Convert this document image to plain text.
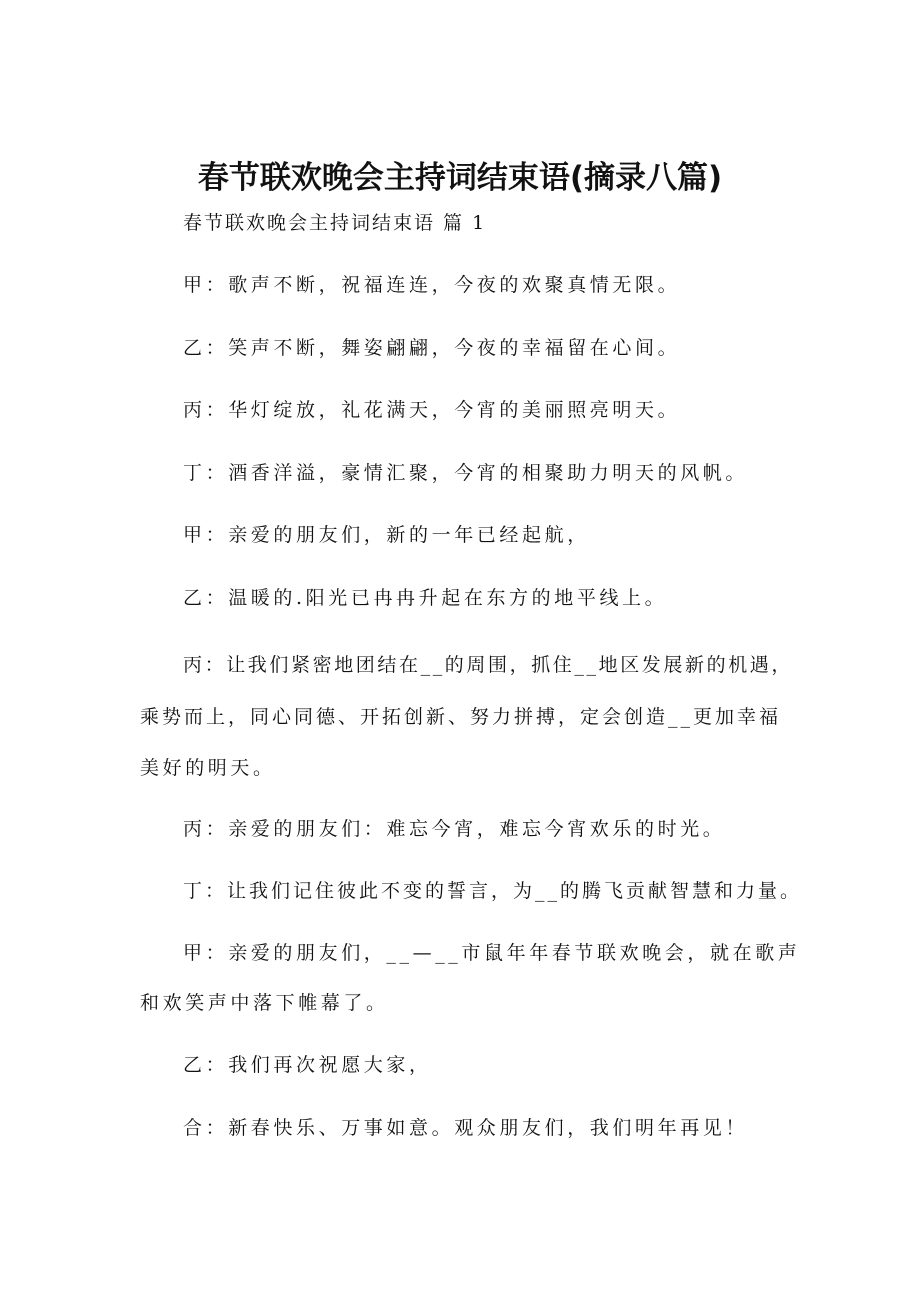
春节联欢晚会主持词结束语(摘录八篇)
春节联欢晚会主持词结束语 篇 1
甲：歌声不断，祝福连连，今夜的欢聚真情无限。
乙：笑声不断，舞姿翩翩，今夜的幸福留在心间。
丙：华灯绽放，礼花满天，今宵的美丽照亮明天。
丁：酒香洋溢，豪情汇聚，今宵的相聚助力明天的风帆。
甲：亲爱的朋友们，新的一年已经起航，
乙：温暖的.阳光已冉冉升起在东方的地平线上。
丙：让我们紧密地团结在__的周围，抓住__地区发展新的机遇，
乘势而上，同心同德、开拓创新、努力拼搏，定会创造__更加幸福
美好的明天。
丙：亲爱的朋友们：难忘今宵，难忘今宵欢乐的时光。
丁：让我们记住彼此不变的誓言，为__的腾飞贡献智慧和力量。
甲：亲爱的朋友们，__—__市鼠年年春节联欢晚会，就在歌声
和欢笑声中落下帷幕了。
乙：我们再次祝愿大家，
合：新春快乐、万事如意。观众朋友们，我们明年再见！
